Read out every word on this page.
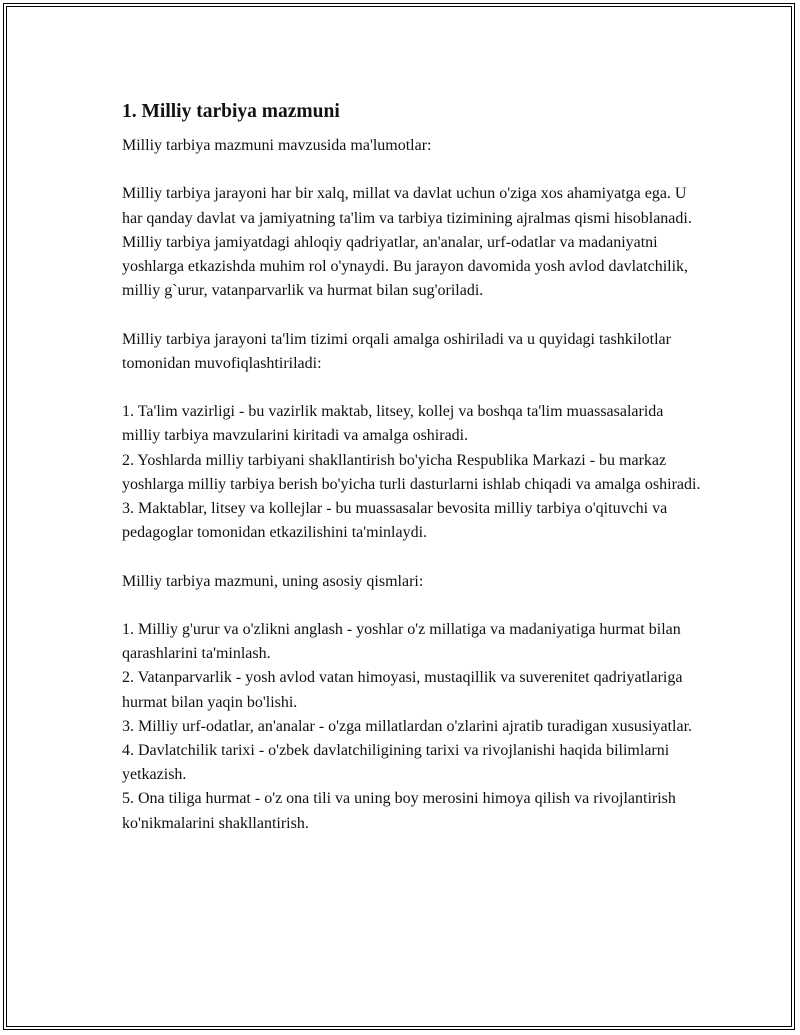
1. Milliy tarbiya mazmuni

Milliy tarbiya mazmuni mavzusida ma'lumotlar:

Milliy tarbiya jarayoni har bir xalq, millat va davlat uchun o'ziga xos ahamiyatga ega. U har qanday davlat va jamiyatning ta'lim va tarbiya tizimining ajralmas qismi hisoblanadi. Milliy tarbiya jamiyatdagi ahloqiy qadriyatlar, an'analar, urf-odatlar va madaniyatni yoshlarga etkazishda muhim rol o'ynaydi. Bu jarayon davomida yosh avlod davlatchilik, milliy g`urur, vatanparvarlik va hurmat bilan sug'oriladi.

Milliy tarbiya jarayoni ta'lim tizimi orqali amalga oshiriladi va u quyidagi tashkilotlar tomonidan muvofiqlashtiriladi:

1. Ta'lim vazirligi - bu vazirlik maktab, litsey, kollej va boshqa ta'lim muassasalarida milliy tarbiya mavzularini kiritadi va amalga oshiradi.

2. Yoshlarda milliy tarbiyani shakllantirish bo'yicha Respublika Markazi - bu markaz yoshlarga milliy tarbiya berish bo'yicha turli dasturlarni ishlab chiqadi va amalga oshiradi.

3. Maktablar, litsey va kollejlar - bu muassasalar bevosita milliy tarbiya o'qituvchi va pedagoglar tomonidan etkazilishini ta'minlaydi.

Milliy tarbiya mazmuni, uning asosiy qismlari:

1. Milliy g'urur va o'zlikni anglash - yoshlar o'z millatiga va madaniyatiga hurmat bilan qarashlarini ta'minlash.

2. Vatanparvarlik - yosh avlod vatan himoyasi, mustaqillik va suverenitet qadriyatlariga hurmat bilan yaqin bo'lishi.

3. Milliy urf-odatlar, an'analar - o'zga millatlardan o'zlarini ajratib turadigan xususiyatlar.

4. Davlatchilik tarixi - o'zbek davlatchiligining tarixi va rivojlanishi haqida bilimlarni yetkazish.

5. Ona tiliga hurmat - o'z ona tili va uning boy merosini himoya qilish va rivojlantirish ko'nikmalarini shakllantirish.
